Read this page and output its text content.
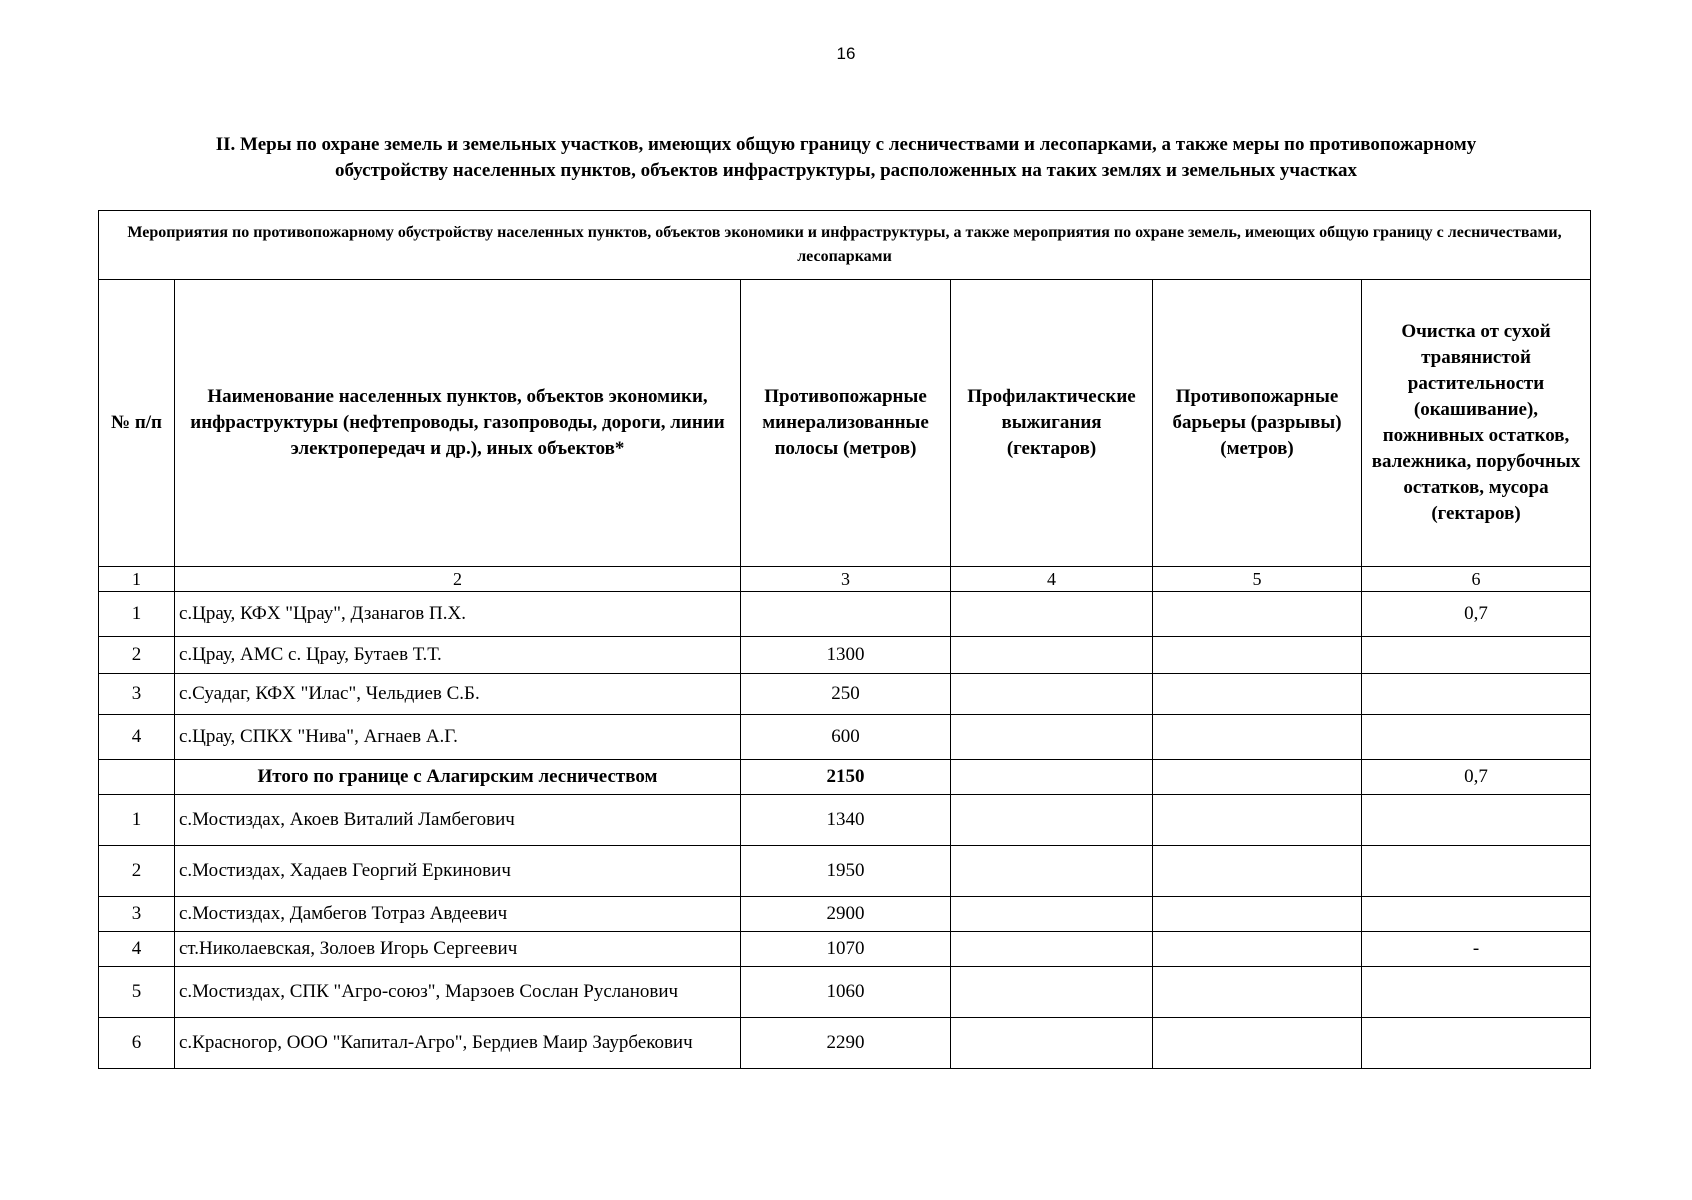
16
II. Меры по охране земель и земельных участков, имеющих общую границу с лесничествами и лесопарками, а также меры по противопожарному
обустройству населенных пунктов, объектов инфраструктуры, расположенных на таких землях и земельных участках
Мероприятия по противопожарному обустройству населенных пунктов, объектов экономики и инфраструктуры, а также мероприятия по охране земель, имеющих общую границу с лесничествами, лесопарками					
№ п/п	Наименование населенных пунктов, объектов экономики, инфраструктуры (нефтепроводы, газопроводы, дороги, линии электропередач и др.), иных объектов*	Противопожарные минерализованные полосы (метров)	Профилактические выжигания (гектаров)	Противопожарные барьеры (разрывы) (метров)	Очистка от сухой травянистой растительности (окашивание), пожнивных остатков, валежника, порубочных остатков, мусора (гектаров)
1	2	3	4	5	6
1	с.Црау, КФХ "Црау", Дзанагов П.Х.				0,7
2	с.Црау, АМС с. Црау, Бутаев Т.Т.	1300			
3	с.Суадаг, КФХ "Илас", Чельдиев С.Б.	250			
4	с.Црау, СПКХ "Нива", Агнаев А.Г.	600			
	Итого по границе с Алагирским лесничеством	2150			0,7
1	с.Мостиздах, Акоев Виталий Ламбегович	1340			
2	с.Мостиздах, Хадаев Георгий Еркинович	1950			
3	с.Мостиздах, Дамбегов Тотраз Авдеевич	2900			
4	ст.Николаевская, Золоев Игорь Сергеевич	1070			-
5	с.Мостиздах, СПК "Агро-союз", Марзоев Сослан Русланович	1060			
6	с.Красногор, ООО "Капитал-Агро", Бердиев Маир Заурбекович	2290			
